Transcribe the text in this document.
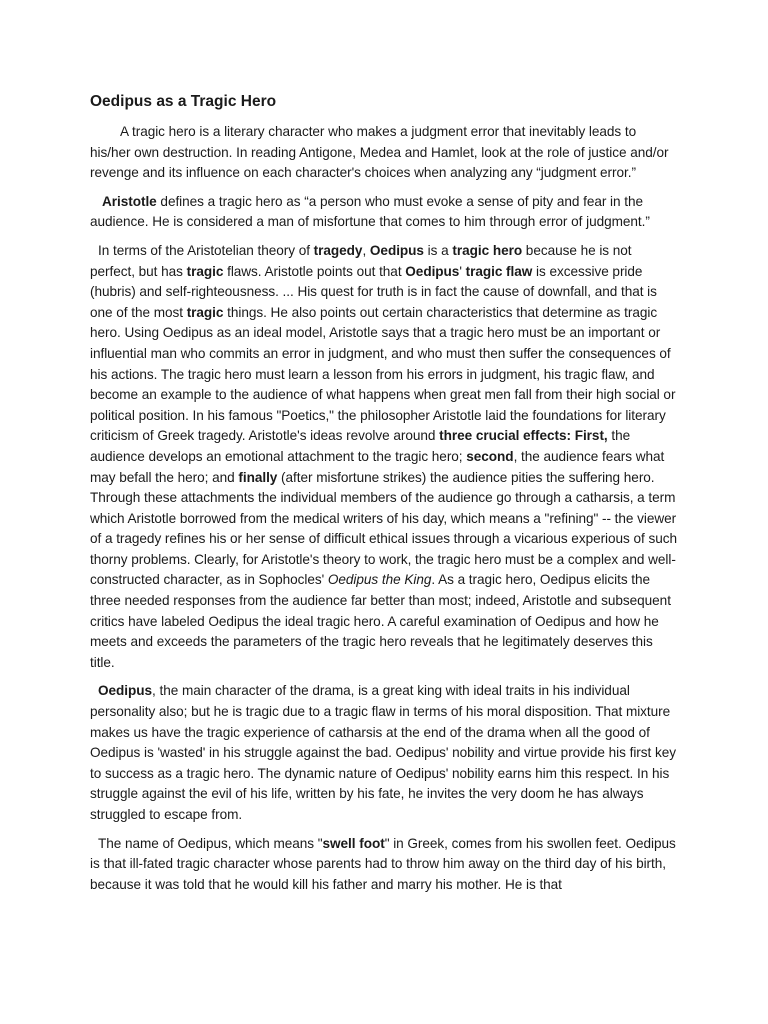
Oedipus as a Tragic Hero

A tragic hero is a literary character who makes a judgment error that inevitably leads to his/her own destruction. In reading Antigone, Medea and Hamlet, look at the role of justice and/or revenge and its influence on each character's choices when analyzing any “judgment error.”

Aristotle defines a tragic hero as “a person who must evoke a sense of pity and fear in the audience. He is considered a man of misfortune that comes to him through error of judgment.”

In terms of the Aristotelian theory of tragedy, Oedipus is a tragic hero because he is not perfect, but has tragic flaws. Aristotle points out that Oedipus' tragic flaw is excessive pride (hubris) and self-righteousness. ... His quest for truth is in fact the cause of downfall, and that is one of the most tragic things. He also points out certain characteristics that determine as tragic hero. Using Oedipus as an ideal model, Aristotle says that a tragic hero must be an important or influential man who commits an error in judgment, and who must then suffer the consequences of his actions. The tragic hero must learn a lesson from his errors in judgment, his tragic flaw, and become an example to the audience of what happens when great men fall from their high social or political position. In his famous "Poetics," the philosopher Aristotle laid the foundations for literary criticism of Greek tragedy. Aristotle's ideas revolve around three crucial effects: First, the audience develops an emotional attachment to the tragic hero; second, the audience fears what may befall the hero; and finally (after misfortune strikes) the audience pities the suffering hero. Through these attachments the individual members of the audience go through a catharsis, a term which Aristotle borrowed from the medical writers of his day, which means a "refining" -- the viewer of a tragedy refines his or her sense of difficult ethical issues through a vicarious experious of such thorny problems. Clearly, for Aristotle's theory to work, the tragic hero must be a complex and well-constructed character, as in Sophocles' Oedipus the King. As a tragic hero, Oedipus elicits the three needed responses from the audience far better than most; indeed, Aristotle and subsequent critics have labeled Oedipus the ideal tragic hero. A careful examination of Oedipus and how he meets and exceeds the parameters of the tragic hero reveals that he legitimately deserves this title.

Oedipus, the main character of the drama, is a great king with ideal traits in his individual personality also; but he is tragic due to a tragic flaw in terms of his moral disposition. That mixture makes us have the tragic experience of catharsis at the end of the drama when all the good of Oedipus is 'wasted' in his struggle against the bad. Oedipus' nobility and virtue provide his first key to success as a tragic hero. The dynamic nature of Oedipus' nobility earns him this respect. In his struggle against the evil of his life, written by his fate, he invites the very doom he has always struggled to escape from.

The name of Oedipus, which means "swell foot" in Greek, comes from his swollen feet. Oedipus is that ill-fated tragic character whose parents had to throw him away on the third day of his birth, because it was told that he would kill his father and marry his mother. He is that
